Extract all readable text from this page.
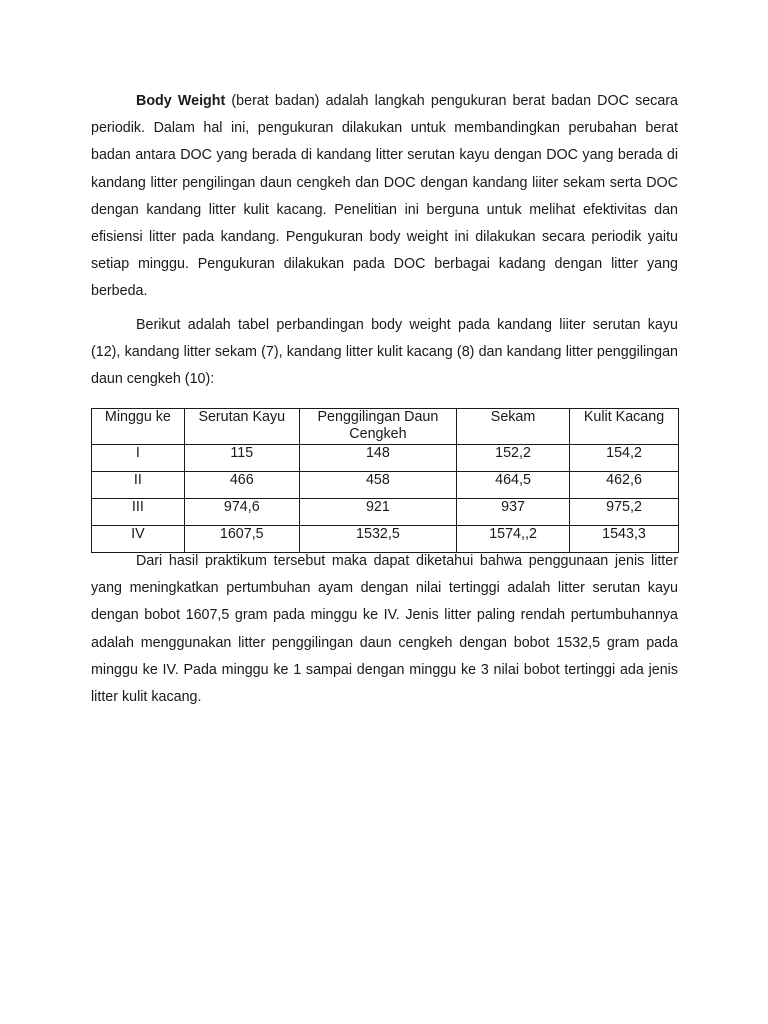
Body Weight (berat badan) adalah langkah pengukuran berat badan DOC secara periodik. Dalam hal ini, pengukuran dilakukan untuk membandingkan perubahan berat badan antara DOC yang berada di kandang litter serutan kayu dengan DOC yang berada di kandang litter pengilingan daun cengkeh dan DOC dengan kandang liiter sekam serta DOC dengan kandang litter kulit kacang. Penelitian ini berguna untuk melihat efektivitas dan efisiensi litter pada kandang. Pengukuran body weight ini dilakukan secara periodik yaitu setiap minggu. Pengukuran dilakukan pada DOC berbagai kadang dengan litter yang berbeda.

Berikut adalah tabel perbandingan body weight pada kandang liiter serutan kayu (12), kandang litter sekam (7), kandang litter kulit kacang (8) dan kandang litter penggilingan daun cengkeh (10):

Minggu ke	Serutan Kayu	Penggilingan Daun Cengkeh	Sekam	Kulit Kacang
I	115	148	152,2	154,2
II	466	458	464,5	462,6
III	974,6	921	937	975,2
IV	1607,5	1532,5	1574,,2	1543,3

Dari hasil praktikum tersebut maka dapat diketahui bahwa penggunaan jenis litter yang meningkatkan pertumbuhan ayam dengan nilai tertinggi adalah litter serutan kayu dengan bobot 1607,5 gram pada minggu ke IV. Jenis litter paling rendah pertumbuhannya adalah menggunakan litter penggilingan daun cengkeh dengan bobot 1532,5 gram pada minggu ke IV. Pada minggu ke 1 sampai dengan minggu ke 3 nilai bobot tertinggi ada jenis litter kulit kacang.
